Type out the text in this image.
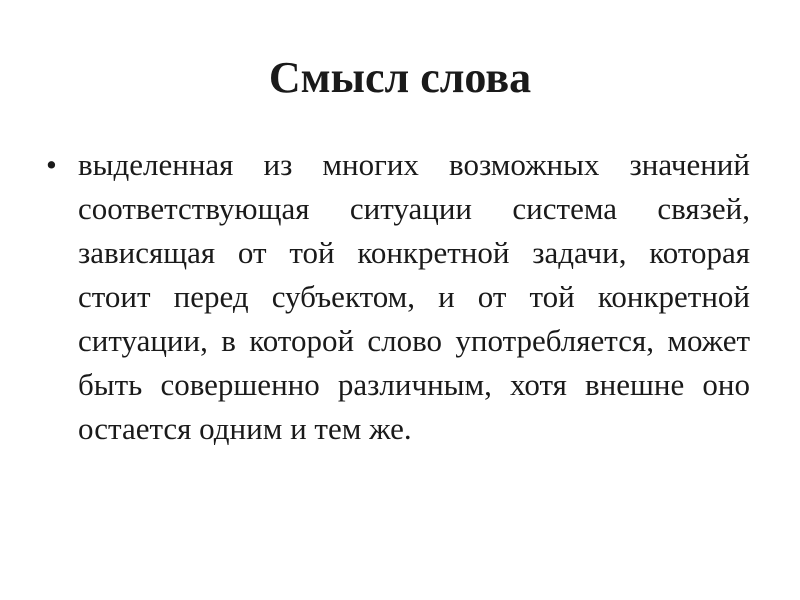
Смысл слова
• выделенная из многих возможных значений соответствующая ситуации система связей, зависящая от той конкретной задачи, которая стоит перед субъектом, и от той конкретной ситуации, в которой слово употребляется, может быть совершенно различным, хотя внешне оно остается одним и тем же.
